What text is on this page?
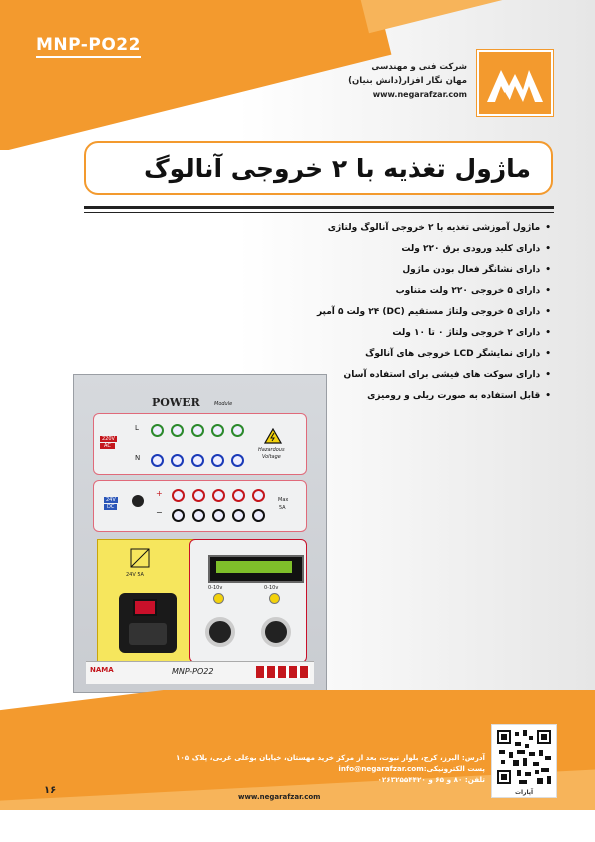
MNP-PO22
شرکت فنی و مهندسی
مهان نگار افزار(دانش بنیان)
www.negarafzar.com
ماژول تغذیه با ۲ خروجی آنالوگ
• ماژول آموزشی تغذیه با ۲ خروجی آنالوگ ولتاژی
• دارای کلید ورودی برق ۲۲۰ ولت
• دارای نشانگر فعال بودن ماژول
• دارای ۵ خروجی ۲۲۰ ولت متناوب
• دارای ۵ خروجی ولتاژ مستقیم (DC) ۲۴ ولت ۵ آمپر
• دارای ۲ خروجی ولتاژ ۰ تا ۱۰ ولت
• دارای نمایشگر LCD خروجی های آنالوگ
• دارای سوکت های فیشی برای استفاده آسان
• قابل استفاده به صورت ریلی و رومیزی
POWER	Module
220V
AC
L
N
Hazardous
Voltage
24V
DC
+
−
Max
5A
24V 5A
0-10v	0-10v
NAMA	MNP-PO22
آدرس: البرز، کرج، بلوار نبوت، بعد از مرکز خرید مهستان، خیابان بوعلی غربی، پلاک ۱۰۵
پست الکترونیکی:info@negarafzar.com
تلفن: ۸۰ و ۶۵ و ۰۲۶۳۲۵۵۴۴۲۰
www.negarafzar.com
۱۶	آپارات
